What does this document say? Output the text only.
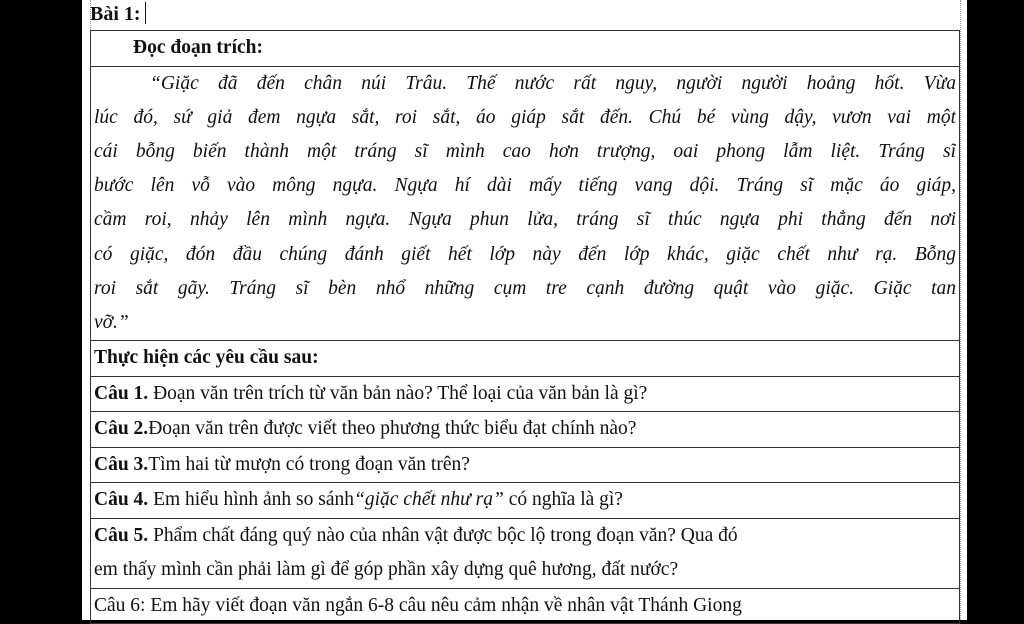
Bài 1:
Đọc đoạn trích:
“Giặc đã đến chân núi Trâu. Thế nước rất nguy, người người hoảng hốt. Vừa
lúc đó, sứ giả đem ngựa sắt, roi sắt, áo giáp sắt đến. Chú bé vùng dậy, vươn vai một
cái bỗng biến thành một tráng sĩ mình cao hơn trượng, oai phong lẫm liệt. Tráng sĩ
bước lên vỗ vào mông ngựa. Ngựa hí dài mấy tiếng vang dội. Tráng sĩ mặc áo giáp,
cầm roi, nhảy lên mình ngựa. Ngựa phun lửa, tráng sĩ thúc ngựa phi thẳng đến nơi
có giặc, đón đầu chúng đánh giết hết lớp này đến lớp khác, giặc chết như rạ. Bỗng
roi sắt gãy. Tráng sĩ bèn nhổ những cụm tre cạnh đường quật vào giặc. Giặc tan
vỡ.”
Thực hiện các yêu cầu sau:
Câu 1. Đoạn văn trên trích từ văn bản nào? Thể loại của văn bản là gì?
Câu 2.Đoạn văn trên được viết theo phương thức biểu đạt chính nào?
Câu 3.Tìm hai từ mượn có trong đoạn văn trên?
Câu 4. Em hiểu hình ảnh so sánh“giặc chết như rạ” có nghĩa là gì?
Câu 5. Phẩm chất đáng quý nào của nhân vật được bộc lộ trong đoạn văn? Qua đó
em thấy mình cần phải làm gì để góp phần xây dựng quê hương, đất nước?
Câu 6: Em hãy viết đoạn văn ngắn 6-8 câu nêu cảm nhận về nhân vật Thánh Giong
